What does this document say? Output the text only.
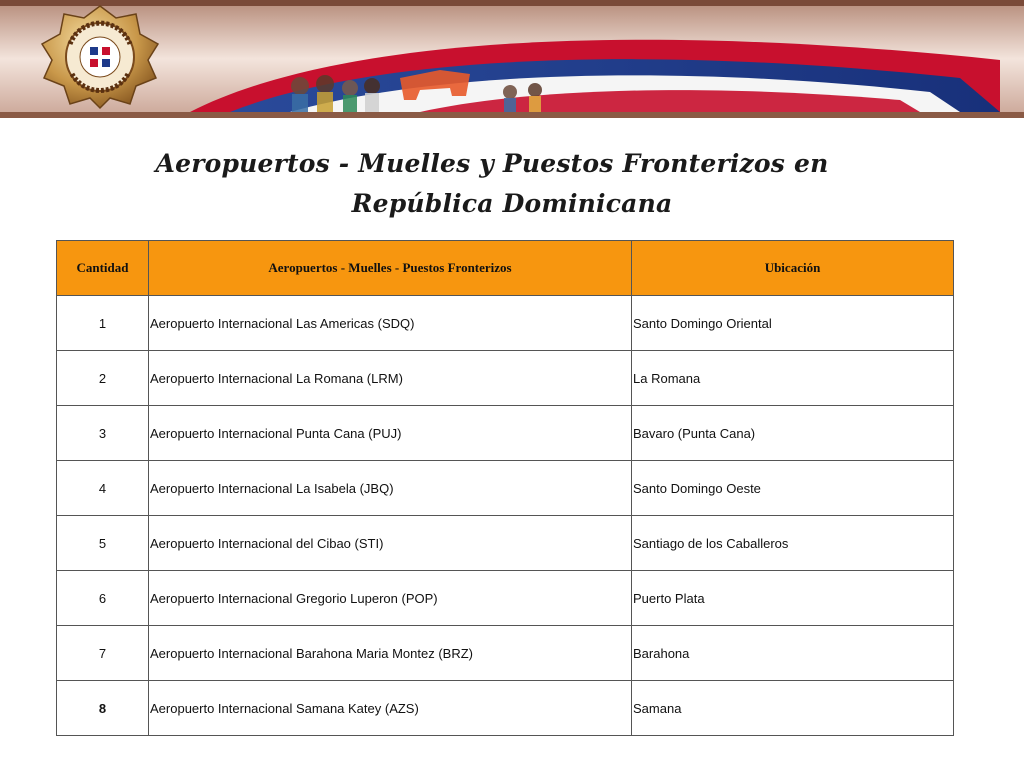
Aeropuertos - Muelles y Puestos Fronterizos en
República Dominicana
Cantidad	Aeropuertos - Muelles - Puestos Fronterizos	Ubicación
1	Aeropuerto Internacional Las Americas (SDQ)	Santo Domingo Oriental
2	Aeropuerto Internacional La Romana (LRM)	La Romana
3	Aeropuerto Internacional Punta Cana (PUJ)	Bavaro (Punta Cana)
4	Aeropuerto Internacional La Isabela (JBQ)	Santo Domingo Oeste
5	Aeropuerto Internacional del Cibao (STI)	Santiago de los Caballeros
6	Aeropuerto Internacional Gregorio Luperon (POP)	Puerto Plata
7	Aeropuerto Internacional Barahona Maria Montez (BRZ)	Barahona
8	Aeropuerto Internacional Samana Katey (AZS)	Samana
